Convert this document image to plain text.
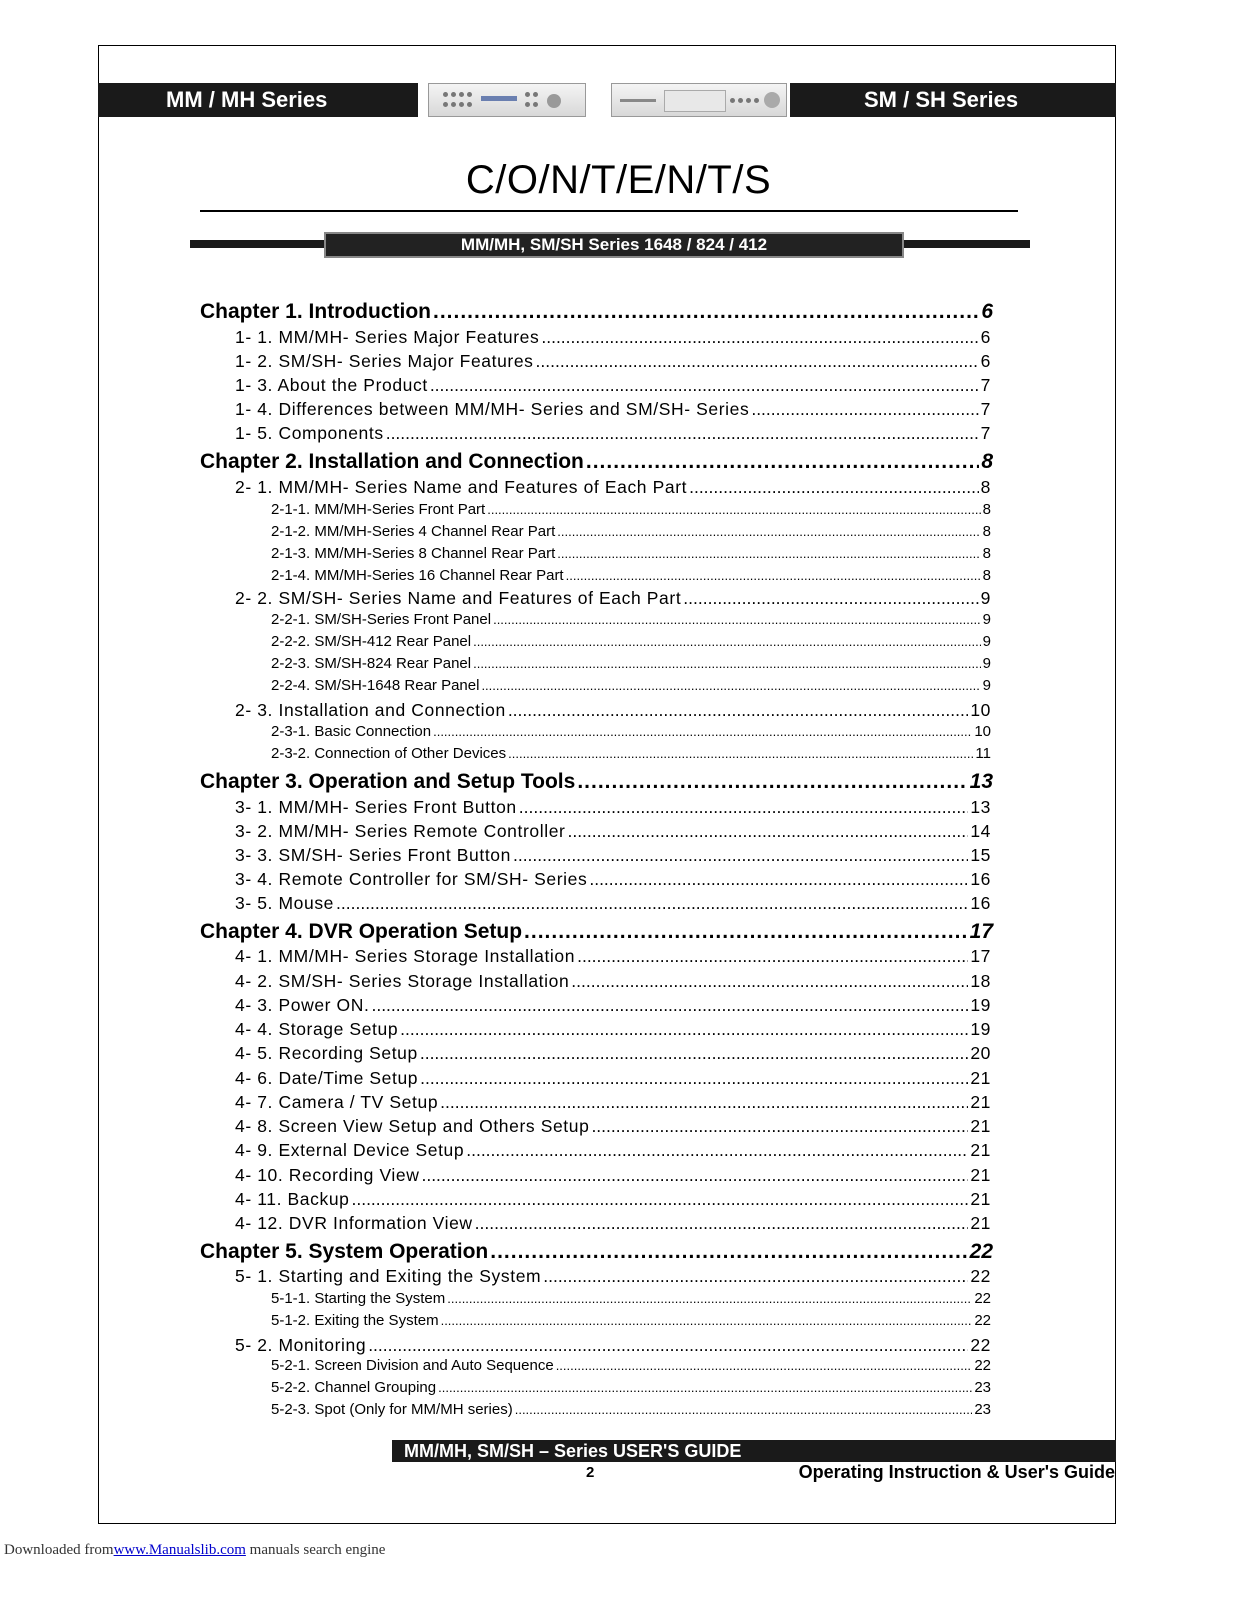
MM / MH Series	SM / SH Series
C/O/N/T/E/N/T/S
MM/MH, SM/SH Series 1648 / 824 / 412
Chapter 1. Introduction .....	6
1- 1. MM/MH- Series Major Features .....	6
1- 2. SM/SH- Series Major Features .....	6
1- 3. About the Product .....	7
1- 4. Differences between MM/MH- Series and SM/SH- Series .....	7
1- 5. Components .....	7
Chapter 2. Installation and Connection .....	8
2- 1. MM/MH- Series Name and Features of Each Part .....	8
2-1-1. MM/MH-Series Front Part .....	8
2-1-2. MM/MH-Series 4 Channel Rear Part .....	8
2-1-3. MM/MH-Series 8 Channel Rear Part .....	8
2-1-4. MM/MH-Series 16 Channel Rear Part .....	8
2- 2. SM/SH- Series Name and Features of Each Part .....	9
2-2-1. SM/SH-Series Front Panel .....	9
2-2-2. SM/SH-412 Rear Panel .....	9
2-2-3. SM/SH-824 Rear Panel .....	9
2-2-4. SM/SH-1648 Rear Panel .....	9
2- 3. Installation and Connection .....	10
2-3-1. Basic Connection .....	10
2-3-2. Connection of Other Devices .....	11
Chapter 3. Operation and Setup Tools .....	13
3- 1. MM/MH- Series Front Button .....	13
3- 2. MM/MH- Series Remote Controller .....	14
3- 3. SM/SH- Series Front Button .....	15
3- 4. Remote Controller for SM/SH- Series .....	16
3- 5. Mouse .....	16
Chapter 4. DVR Operation Setup .....	17
4- 1. MM/MH- Series Storage Installation .....	17
4- 2. SM/SH- Series Storage Installation .....	18
4- 3. Power ON. .....	19
4- 4. Storage Setup .....	19
4- 5. Recording Setup .....	20
4- 6. Date/Time Setup .....	21
4- 7. Camera / TV Setup .....	21
4- 8. Screen View Setup and Others Setup .....	21
4- 9. External Device Setup .....	21
4- 10. Recording View .....	21
4- 11. Backup .....	21
4- 12. DVR Information View .....	21
Chapter 5. System Operation .....	22
5- 1. Starting and Exiting the System .....	22
5-1-1. Starting the System .....	22
5-1-2. Exiting the System .....	22
5- 2. Monitoring .....	22
5-2-1. Screen Division and Auto Sequence .....	22
5-2-2. Channel Grouping .....	23
5-2-3. Spot (Only for MM/MH series) .....	23
MM/MH, SM/SH – Series USER'S GUIDE
2	Operating Instruction & User's Guide
Downloaded fromwww.Manualslib.com manuals search engine
